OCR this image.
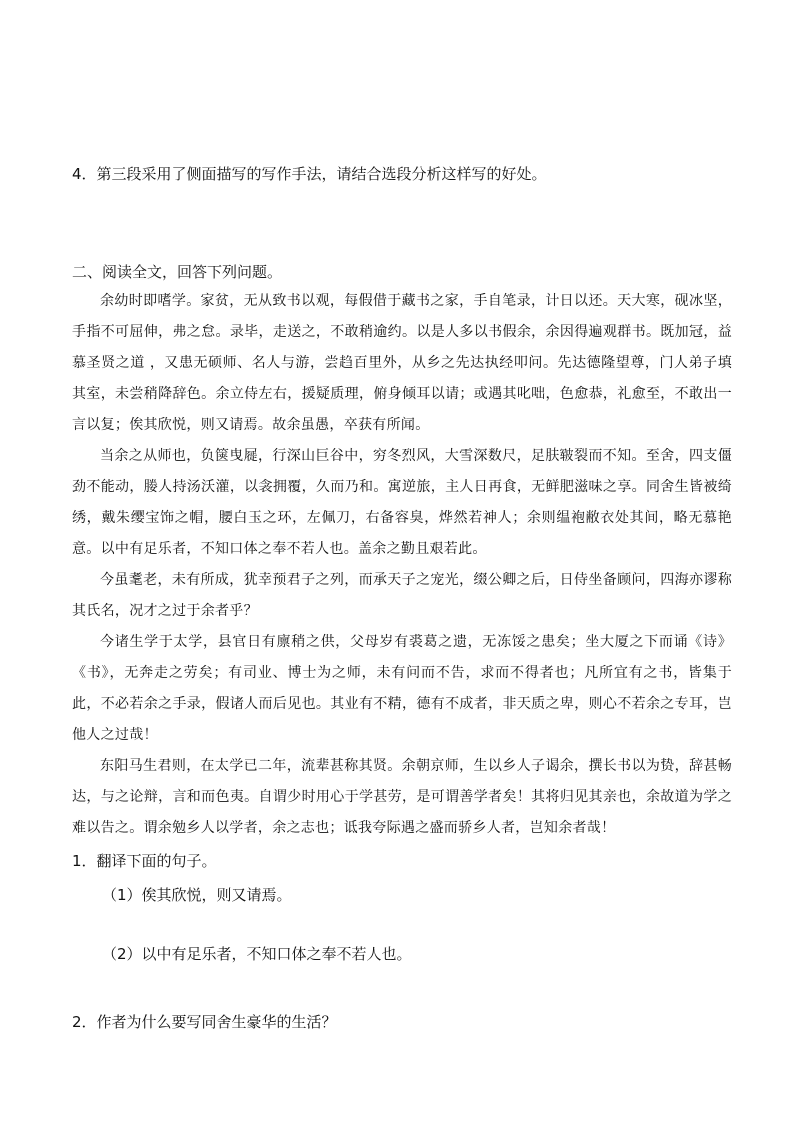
4．第三段采用了侧面描写的写作手法，请结合选段分析这样写的好处。
二、阅读全文，回答下列问题。

余幼时即嗜学。家贫，无从致书以观，每假借于藏书之家，手自笔录，计日以还。天大寒，砚冰坚，手指不可屈伸，弗之怠。录毕，走送之，不敢稍逾约。以是人多以书假余，余因得遍观群书。既加冠，益慕圣贤之道 ，又患无硕师、名人与游，尝趋百里外，从乡之先达执经叩问。先达德隆望尊，门人弟子填其室，未尝稍降辞色。余立侍左右，援疑质理，俯身倾耳以请；或遇其叱咄，色愈恭，礼愈至，不敢出一言以复；俟其欣悦，则又请焉。故余虽愚，卒获有所闻。

当余之从师也，负箧曳屣，行深山巨谷中，穷冬烈风，大雪深数尺，足肤皲裂而不知。至舍，四支僵劲不能动，媵人持汤沃灌，以衾拥覆，久而乃和。寓逆旅，主人日再食，无鲜肥滋味之享。同舍生皆被绮绣，戴朱缨宝饰之帽，腰白玉之环，左佩刀，右备容臭，烨然若神人；余则缊袍敝衣处其间，略无慕艳意。以中有足乐者，不知口体之奉不若人也。盖余之勤且艰若此。

今虽耄老，未有所成，犹幸预君子之列，而承天子之宠光，缀公卿之后，日侍坐备顾问，四海亦谬称其氏名，况才之过于余者乎？

今诸生学于太学，县官日有廪稍之供，父母岁有裘葛之遗，无冻馁之患矣；坐大厦之下而诵《诗》《书》，无奔走之劳矣；有司业、博士为之师，未有问而不告，求而不得者也；凡所宜有之书，皆集于此，不必若余之手录，假诸人而后见也。其业有不精，德有不成者，非天质之卑，则心不若余之专耳，岂他人之过哉！

东阳马生君则，在太学已二年，流辈甚称其贤。余朝京师，生以乡人子谒余，撰长书以为贽，辞甚畅达，与之论辩，言和而色夷。自谓少时用心于学甚劳，是可谓善学者矣！其将归见其亲也，余故道为学之难以告之。谓余勉乡人以学者，余之志也；诋我夸际遇之盛而骄乡人者，岂知余者哉！

1．翻译下面的句子。
（1）俟其欣悦，则又请焉。
（2）以中有足乐者，不知口体之奉不若人也。
2．作者为什么要写同舍生豪华的生活？
